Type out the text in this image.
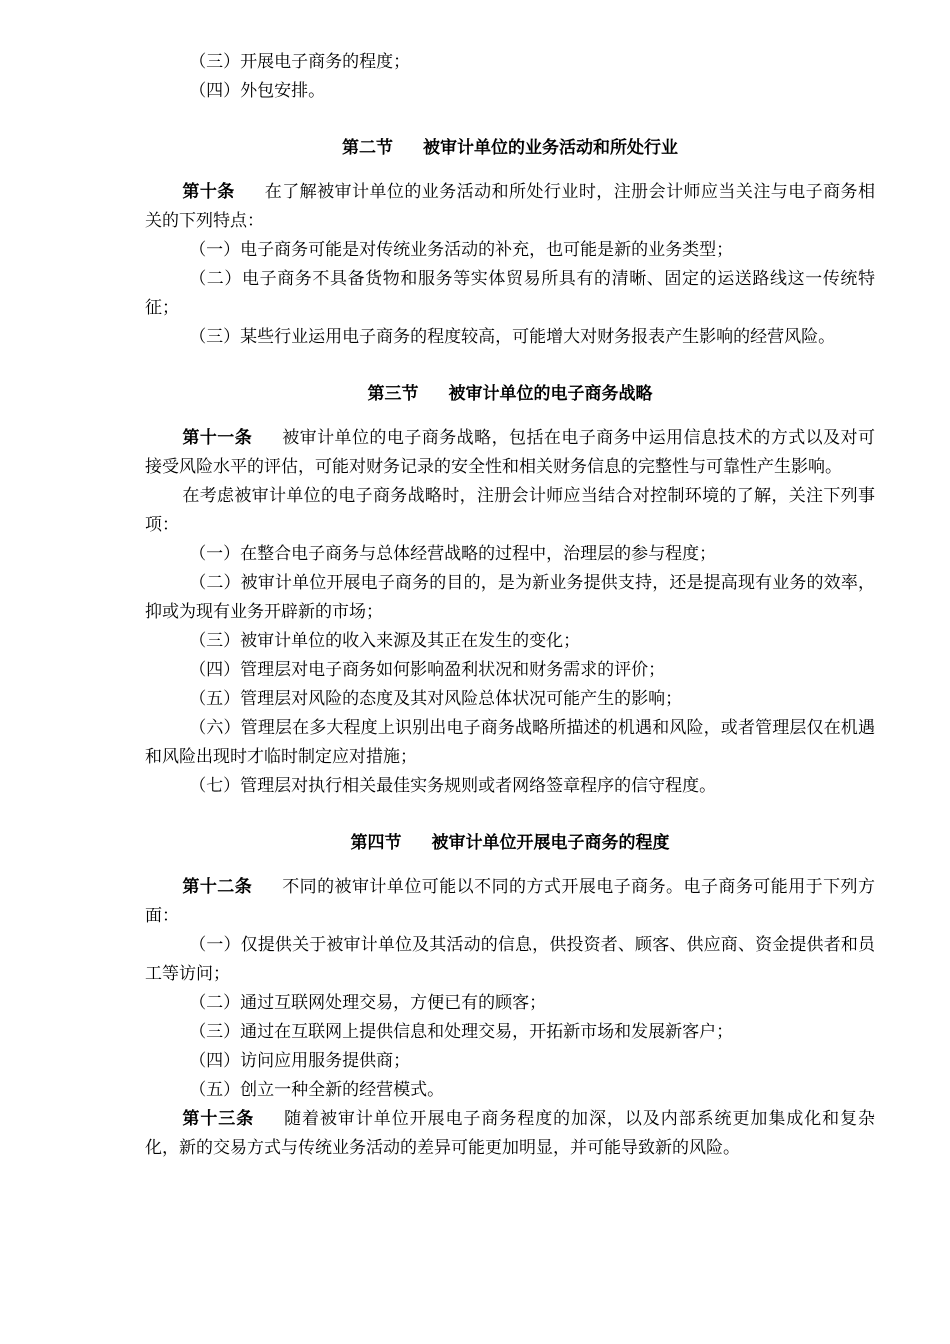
（三）开展电子商务的程度；

（四）外包安排。

第二节 被审计单位的业务活动和所处行业

第十条 在了解被审计单位的业务活动和所处行业时，注册会计师应当关注与电子商务相关的下列特点：

（一）电子商务可能是对传统业务活动的补充，也可能是新的业务类型；

（二）电子商务不具备货物和服务等实体贸易所具有的清晰、固定的运送路线这一传统特征；

（三）某些行业运用电子商务的程度较高，可能增大对财务报表产生影响的经营风险。

第三节 被审计单位的电子商务战略

第十一条 被审计单位的电子商务战略，包括在电子商务中运用信息技术的方式以及对可接受风险水平的评估，可能对财务记录的安全性和相关财务信息的完整性与可靠性产生影响。

在考虑被审计单位的电子商务战略时，注册会计师应当结合对控制环境的了解，关注下列事项：

（一）在整合电子商务与总体经营战略的过程中，治理层的参与程度；

（二）被审计单位开展电子商务的目的，是为新业务提供支持，还是提高现有业务的效率，抑或为现有业务开辟新的市场；

（三）被审计单位的收入来源及其正在发生的变化；

（四）管理层对电子商务如何影响盈利状况和财务需求的评价；

（五）管理层对风险的态度及其对风险总体状况可能产生的影响；

（六）管理层在多大程度上识别出电子商务战略所描述的机遇和风险，或者管理层仅在机遇和风险出现时才临时制定应对措施；

（七）管理层对执行相关最佳实务规则或者网络签章程序的信守程度。

第四节 被审计单位开展电子商务的程度

第十二条 不同的被审计单位可能以不同的方式开展电子商务。电子商务可能用于下列方面：

（一）仅提供关于被审计单位及其活动的信息，供投资者、顾客、供应商、资金提供者和员工等访问；

（二）通过互联网处理交易，方便已有的顾客；

（三）通过在互联网上提供信息和处理交易，开拓新市场和发展新客户；

（四）访问应用服务提供商；

（五）创立一种全新的经营模式。

第十三条 随着被审计单位开展电子商务程度的加深，以及内部系统更加集成化和复杂化，新的交易方式与传统业务活动的差异可能更加明显，并可能导致新的风险。
